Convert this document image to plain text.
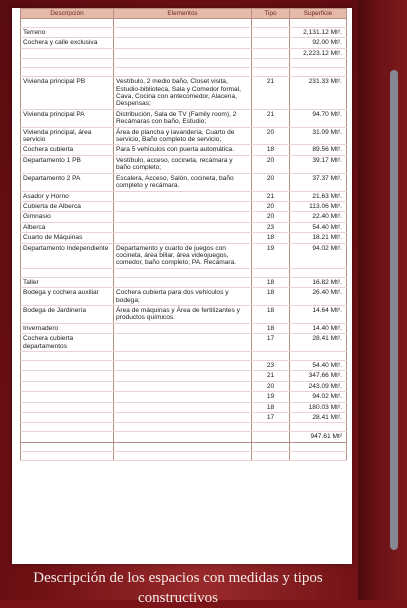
Descripción	Elementos	Tipo	Superficie

Terreno			2,131.12 Mt².
Cochera y calle exclusiva			92.00 Mt².
			2,223.12 Mt².

Vivienda principal PB	Vestíbulo, 2 medio baño, Closet visita, Estudio-biblioteca, Sala y Comedor formal, Cava, Cocina con antecomedor, Alacena, Despensas;	21	231.33 Mt².
Vivienda principal PA	Distribución, Sala de TV (Family room), 2 Recámaras con baño, Estudio;	21	94.70 Mt².
Vivienda principal, área servicio	Área de plancha y lavandería, Cuarto de servicio, Baño completo de servicio;	20	31.09 Mt².
Cochera cubierta	Para 5 vehículos con puerta automática.	18	89.56 Mt².
Departamento 1 PB	Vestíbulo, acceso, cocineta, recámara y baño completo;	20	39.17 Mt².
Departamento 2 PA	Escalera, Acceso, Salón, cocineta, baño completo y recámara.	20	37.37 Mt².
Asador y Horno		21	21.63 Mt².
Cubierta de Alberca		20	113.06 Mt².
Gimnasio		20	22.40 Mt².
Alberca		23	54.40 Mt².
Cuarto de Máquinas		18	18.21 Mt².
Departamento Independiente	Departamento y cuarto de juegos con cocineta, área billar, área videojuegos, comedor, baño completo; PA. Recámara.	19	94.02 Mt².

Taller		18	16.82 Mt².
Bodega y cochera auxiliar	Cochera cubierta para dos vehículos y bodega;	18	26.40 Mt².
Bodega de Jardinería	Área de máquinas y Área de fertilizantes y productos químicos.	18	14.64 Mt².
Invernadero		18	14.40 Mt².
Cochera cubierta departamentos		17	28.41 Mt².

		23	54.40 Mt².
		21	347.66 Mt².
		20	243.09 Mt².
		19	94.02 Mt².
		18	180.03 Mt².
		17	28.41 Mt².

			947.61 Mt²

Descripción de los espacios con medidas y tipos constructivos
